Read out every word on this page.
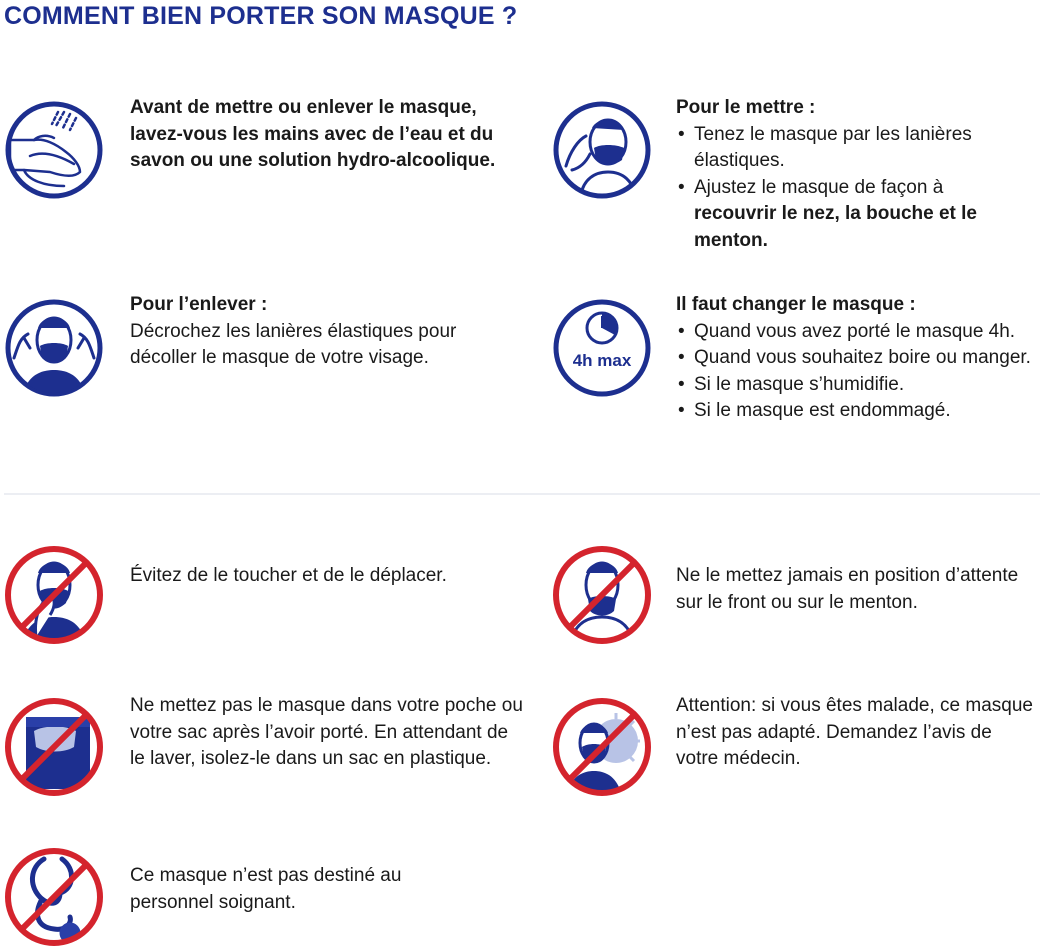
COMMENT BIEN PORTER SON MASQUE ?
Avant de mettre ou enlever le masque, lavez-vous les mains avec de l’eau et du savon ou une solution hydro-alcoolique.
Pour le mettre :
• Tenez le masque par les lanières élastiques.
• Ajustez le masque de façon à recouvrir le nez, la bouche et le menton.
Pour l’enlever :
Décrochez les lanières élastiques pour décoller le masque de votre visage.	4h max
Il faut changer le masque :
• Quand vous avez porté le masque 4h.
• Quand vous souhaitez boire ou manger.
• Si le masque s’humidifie.
• Si le masque est endommagé.
Évitez de le toucher et de le déplacer.	Ne le mettez jamais en position d’attente sur le front ou sur le menton.
Ne mettez pas le masque dans votre poche ou votre sac après l’avoir porté. En attendant de le laver, isolez-le dans un sac en plastique.
Attention: si vous êtes malade, ce masque n’est pas adapté. Demandez l’avis de votre médecin.
Ce masque n’est pas destiné au personnel soignant.
